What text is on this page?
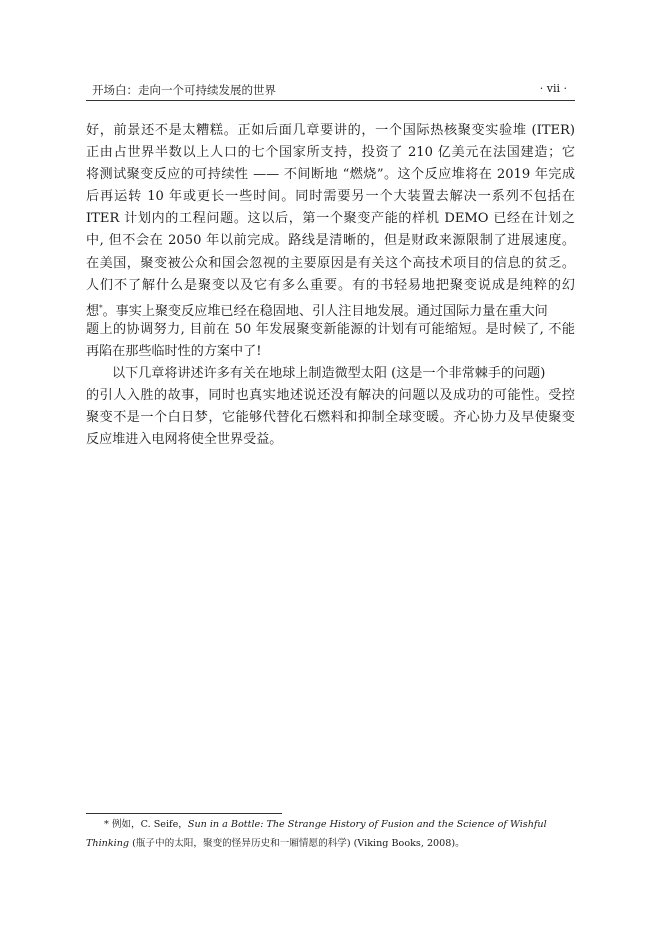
开场白：走向一个可持续发展的世界	· vii ·
好，前景还不是太糟糕。正如后面几章要讲的，一个国际热核聚变实验堆 (ITER)
正由占世界半数以上人口的七个国家所支持，投资了 210 亿美元在法国建造；它
将测试聚变反应的可持续性 —— 不间断地 “燃烧”。这个反应堆将在 2019 年完成
后再运转 10 年或更长一些时间。同时需要另一个大装置去解决一系列不包括在
ITER 计划内的工程问题。这以后，第一个聚变产能的样机 DEMO 已经在计划之
中, 但不会在 2050 年以前完成。路线是清晰的，但是财政来源限制了进展速度。
在美国，聚变被公众和国会忽视的主要原因是有关这个高技术项目的信息的贫乏。
人们不了解什么是聚变以及它有多么重要。有的书轻易地把聚变说成是纯粹的幻
想*。事实上聚变反应堆已经在稳固地、引人注目地发展。通过国际力量在重大问
题上的协调努力, 目前在 50 年发展聚变新能源的计划有可能缩短。是时候了, 不能
再陷在那些临时性的方案中了!
以下几章将讲述许多有关在地球上制造微型太阳 (这是一个非常棘手的问题)
的引人入胜的故事，同时也真实地述说还没有解决的问题以及成功的可能性。受控
聚变不是一个白日梦，它能够代替化石燃料和抑制全球变暖。齐心协力及早使聚变
反应堆进入电网将使全世界受益。
* 例如，C. Seife，Sun in a Bottle: The Strange History of Fusion and the Science of Wishful
Thinking (瓶子中的太阳，聚变的怪异历史和一厢情愿的科学) (Viking Books, 2008)。
